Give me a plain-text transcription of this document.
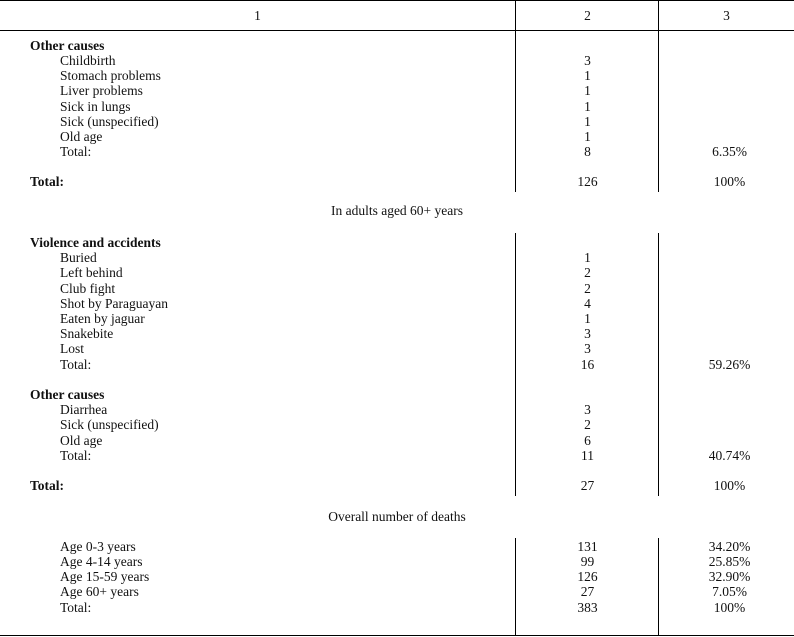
1	2	3
Other causes
Childbirth	3
Stomach problems	1
Liver problems	1
Sick in lungs	1
Sick (unspecified)	1
Old age	1
Total:	8	6.35%
Total:	126	100%
In adults aged 60+ years
Violence and accidents
Buried	1
Left behind	2
Club fight	2
Shot by Paraguayan	4
Eaten by jaguar	1
Snakebite	3
Lost	3
Total:	16	59.26%
Other causes
Diarrhea	3
Sick (unspecified)	2
Old age	6
Total:	11	40.74%
Total:	27	100%
Overall number of deaths
Age 0-3 years	131	34.20%
Age 4-14 years	99	25.85%
Age 15-59 years	126	32.90%
Age 60+ years	27	7.05%
Total:	383	100%
